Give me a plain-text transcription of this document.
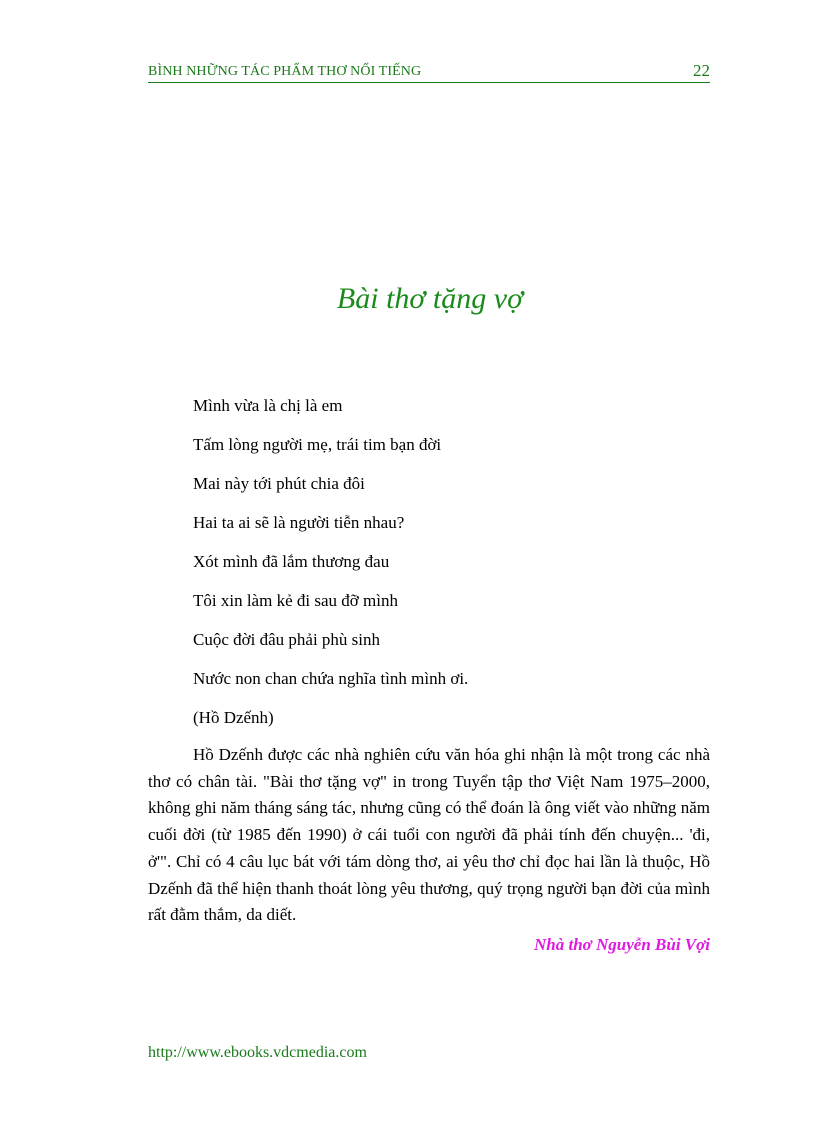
BÌNH NHỮNG TÁC PHẨM THƠ NỔI TIẾNG	22
Bài thơ tặng vợ
Mình vừa là chị là em
Tấm lòng người mẹ, trái tim bạn đời
Mai này tới phút chia đôi
Hai ta ai sẽ là người tiễn nhau?
Xót mình đã lắm thương đau
Tôi xin làm kẻ đi sau đỡ mình
Cuộc đời đâu phải phù sinh
Nước non chan chứa nghĩa tình mình ơi.
(Hồ Dzếnh)

Hồ Dzếnh được các nhà nghiên cứu văn hóa ghi nhận là một trong các nhà thơ có chân tài. "Bài thơ tặng vợ" in trong Tuyển tập thơ Việt Nam 1975–2000, không ghi năm tháng sáng tác, nhưng cũng có thể đoán là ông viết vào những năm cuối đời (từ 1985 đến 1990) ở cái tuổi con người đã phải tính đến chuyện... 'đi, ở'". Chỉ có 4 câu lục bát với tám dòng thơ, ai yêu thơ chỉ đọc hai lần là thuộc, Hồ Dzếnh đã thể hiện thanh thoát lòng yêu thương, quý trọng người bạn đời của mình rất đằm thắm, da diết.

Nhà thơ Nguyễn Bùi Vợi
http://www.ebooks.vdcmedia.com
